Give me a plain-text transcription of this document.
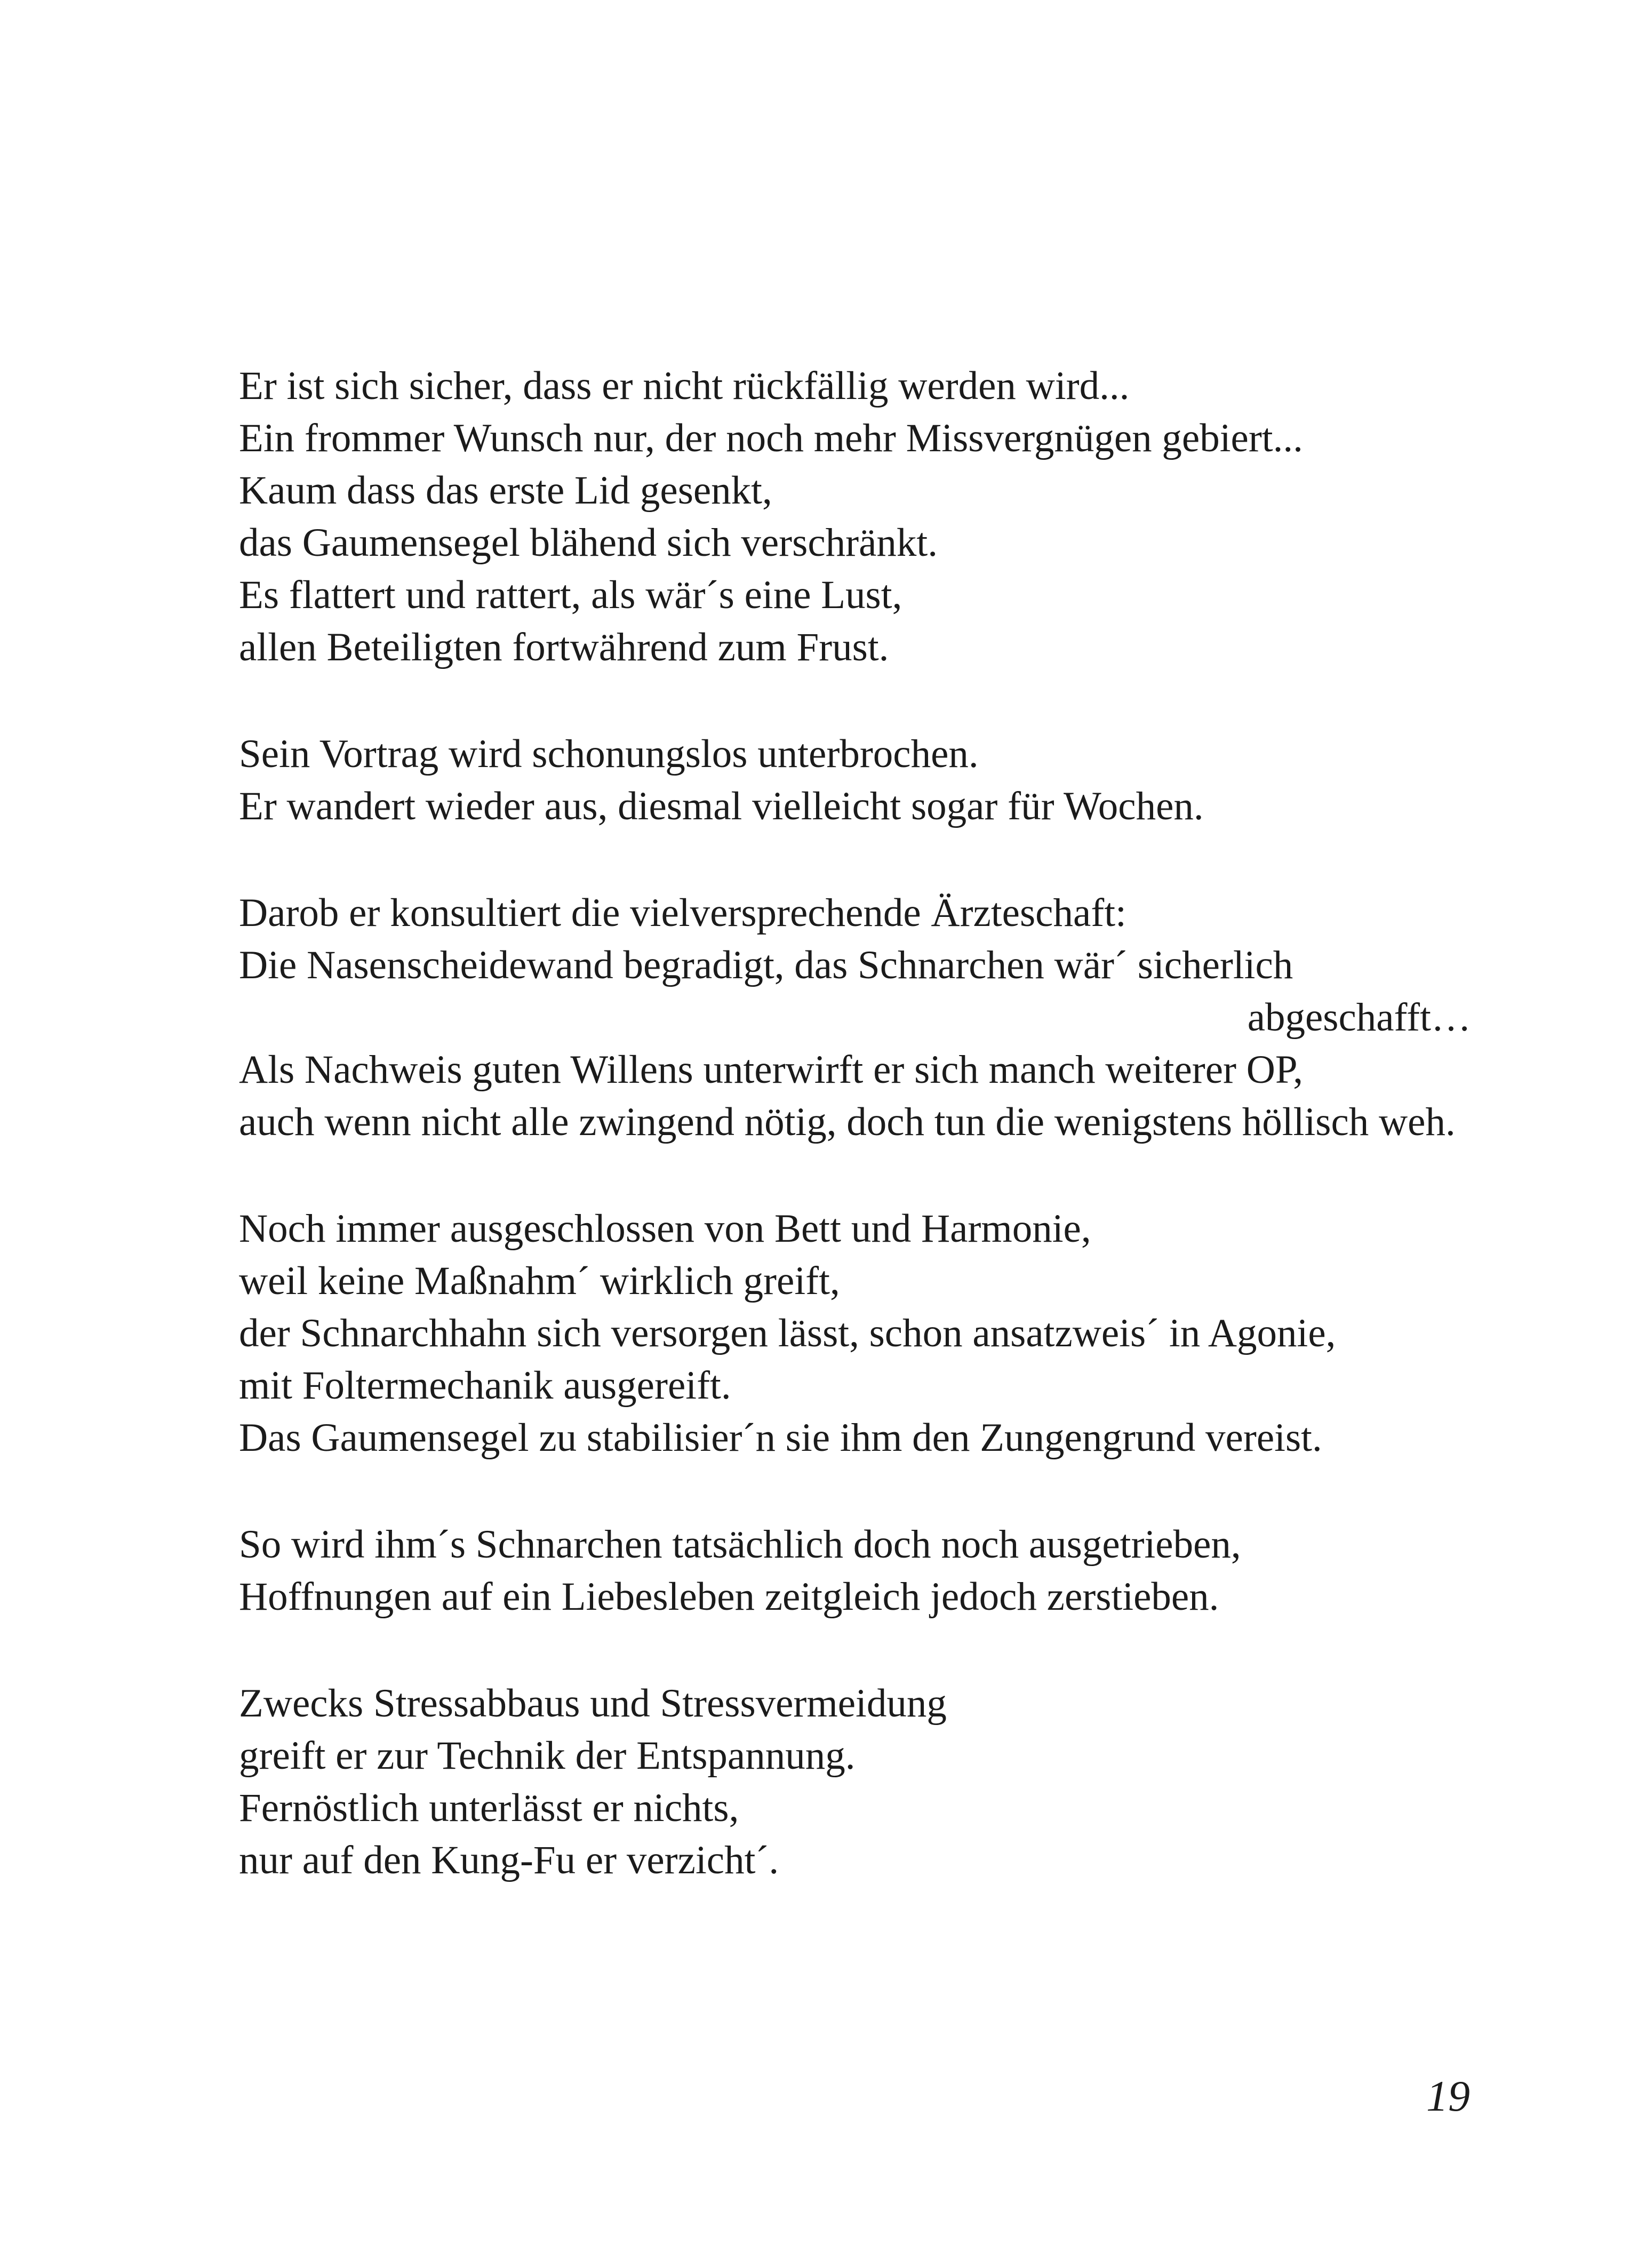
Er ist sich sicher, dass er nicht rückfällig werden wird...
Ein frommer Wunsch nur, der noch mehr Missvergnügen gebiert...
Kaum dass das erste Lid gesenkt,
das Gaumensegel blähend sich verschränkt.
Es flattert und rattert, als wär´s eine Lust,
allen Beteiligten fortwährend zum Frust.
Sein Vortrag wird schonungslos unterbrochen.
Er wandert wieder aus, diesmal vielleicht sogar für Wochen.
Darob er konsultiert die vielversprechende Ärzteschaft:
Die Nasenscheidewand begradigt, das Schnarchen wär´ sicherlich
abgeschafft…
Als Nachweis guten Willens unterwirft er sich manch weiterer OP,
auch wenn nicht alle zwingend nötig, doch tun die wenigstens höllisch weh.
Noch immer ausgeschlossen von Bett und Harmonie,
weil keine Maßnahm´ wirklich greift,
der Schnarchhahn sich versorgen lässt, schon ansatzweis´ in Agonie,
mit Foltermechanik ausgereift.
Das Gaumensegel zu stabilisier´n sie ihm den Zungengrund vereist.
So wird ihm´s Schnarchen tatsächlich doch noch ausgetrieben,
Hoffnungen auf ein Liebesleben zeitgleich jedoch zerstieben.
Zwecks Stressabbaus und Stressvermeidung
greift er zur Technik der Entspannung.
Fernöstlich unterlässt er nichts,
nur auf den Kung-Fu er verzicht´.
19
